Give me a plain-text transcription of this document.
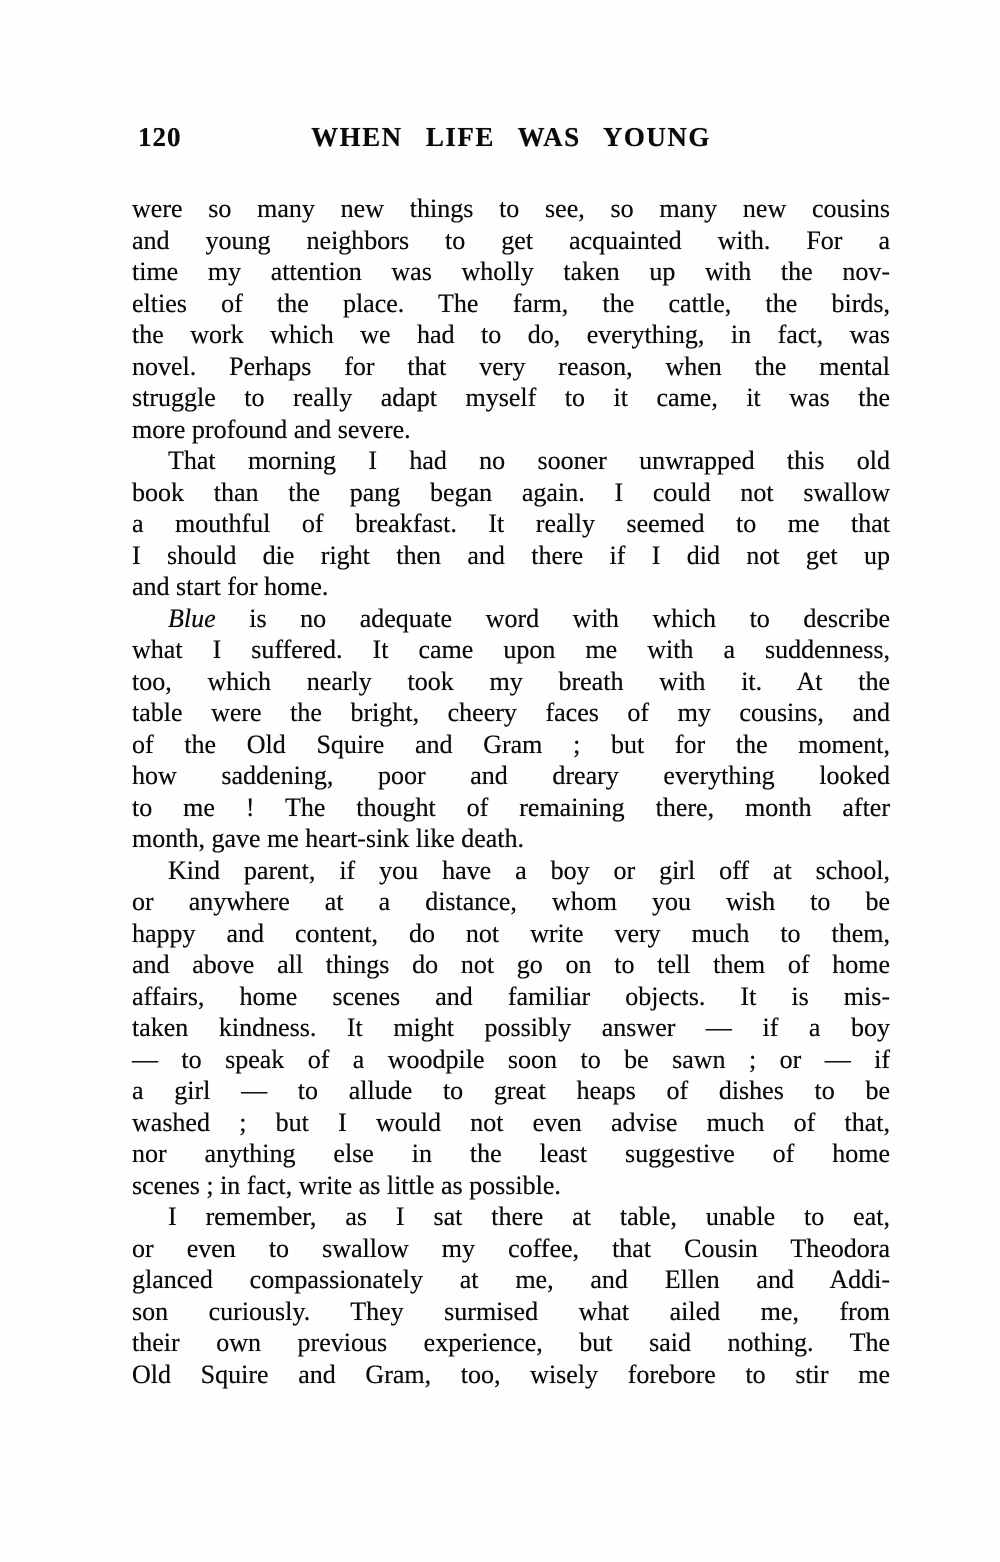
120	WHEN LIFE WAS YOUNG

were so many new things to see, so many new cousins
and young neighbors to get acquainted with. For a
time my attention was wholly taken up with the nov-
elties of the place. The farm, the cattle, the birds,
the work which we had to do, everything, in fact, was
novel. Perhaps for that very reason, when the mental
struggle to really adapt myself to it came, it was the
more profound and severe.

That morning I had no sooner unwrapped this old
book than the pang began again. I could not swallow
a mouthful of breakfast. It really seemed to me that
I should die right then and there if I did not get up
and start for home.

Blue is no adequate word with which to describe
what I suffered. It came upon me with a suddenness,
too, which nearly took my breath with it. At the
table were the bright, cheery faces of my cousins, and
of the Old Squire and Gram ; but for the moment,
how saddening, poor and dreary everything looked
to me ! The thought of remaining there, month after
month, gave me heart-sink like death.

Kind parent, if you have a boy or girl off at school,
or anywhere at a distance, whom you wish to be
happy and content, do not write very much to them,
and above all things do not go on to tell them of home
affairs, home scenes and familiar objects. It is mis-
taken kindness. It might possibly answer — if a boy
— to speak of a woodpile soon to be sawn ; or — if
a girl — to allude to great heaps of dishes to be
washed ; but I would not even advise much of that,
nor anything else in the least suggestive of home
scenes ; in fact, write as little as possible.

I remember, as I sat there at table, unable to eat,
or even to swallow my coffee, that Cousin Theodora
glanced compassionately at me, and Ellen and Addi-
son curiously. They surmised what ailed me, from
their own previous experience, but said nothing. The
Old Squire and Gram, too, wisely forebore to stir me
